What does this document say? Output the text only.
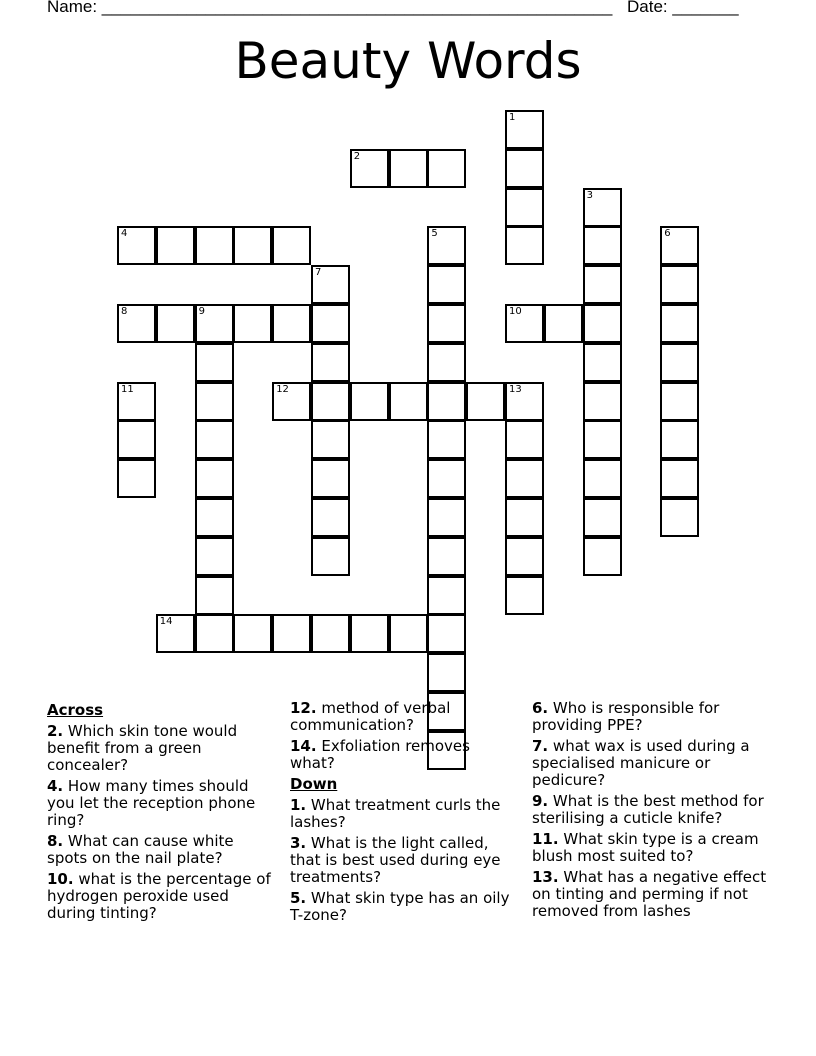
Name: ______________________________________________________ Date: _______
Beauty Words
1
2
3
4	5	6
7
8	9	10
11	12	13
14
Across
2. Which skin tone would benefit from a green concealer?
4. How many times should you let the reception phone ring?
8. What can cause white spots on the nail plate?
10. what is the percentage of hydrogen peroxide used during tinting?
12. method of verbal communication?
14. Exfoliation removes what?
Down
1. What treatment curls the lashes?
3. What is the light called, that is best used during eye treatments?
5. What skin type has an oily T-zone?
6. Who is responsible for providing PPE?
7. what wax is used during a specialised manicure or pedicure?
9. What is the best method for sterilising a cuticle knife?
11. What skin type is a cream blush most suited to?
13. What has a negative effect on tinting and perming if not removed from lashes
